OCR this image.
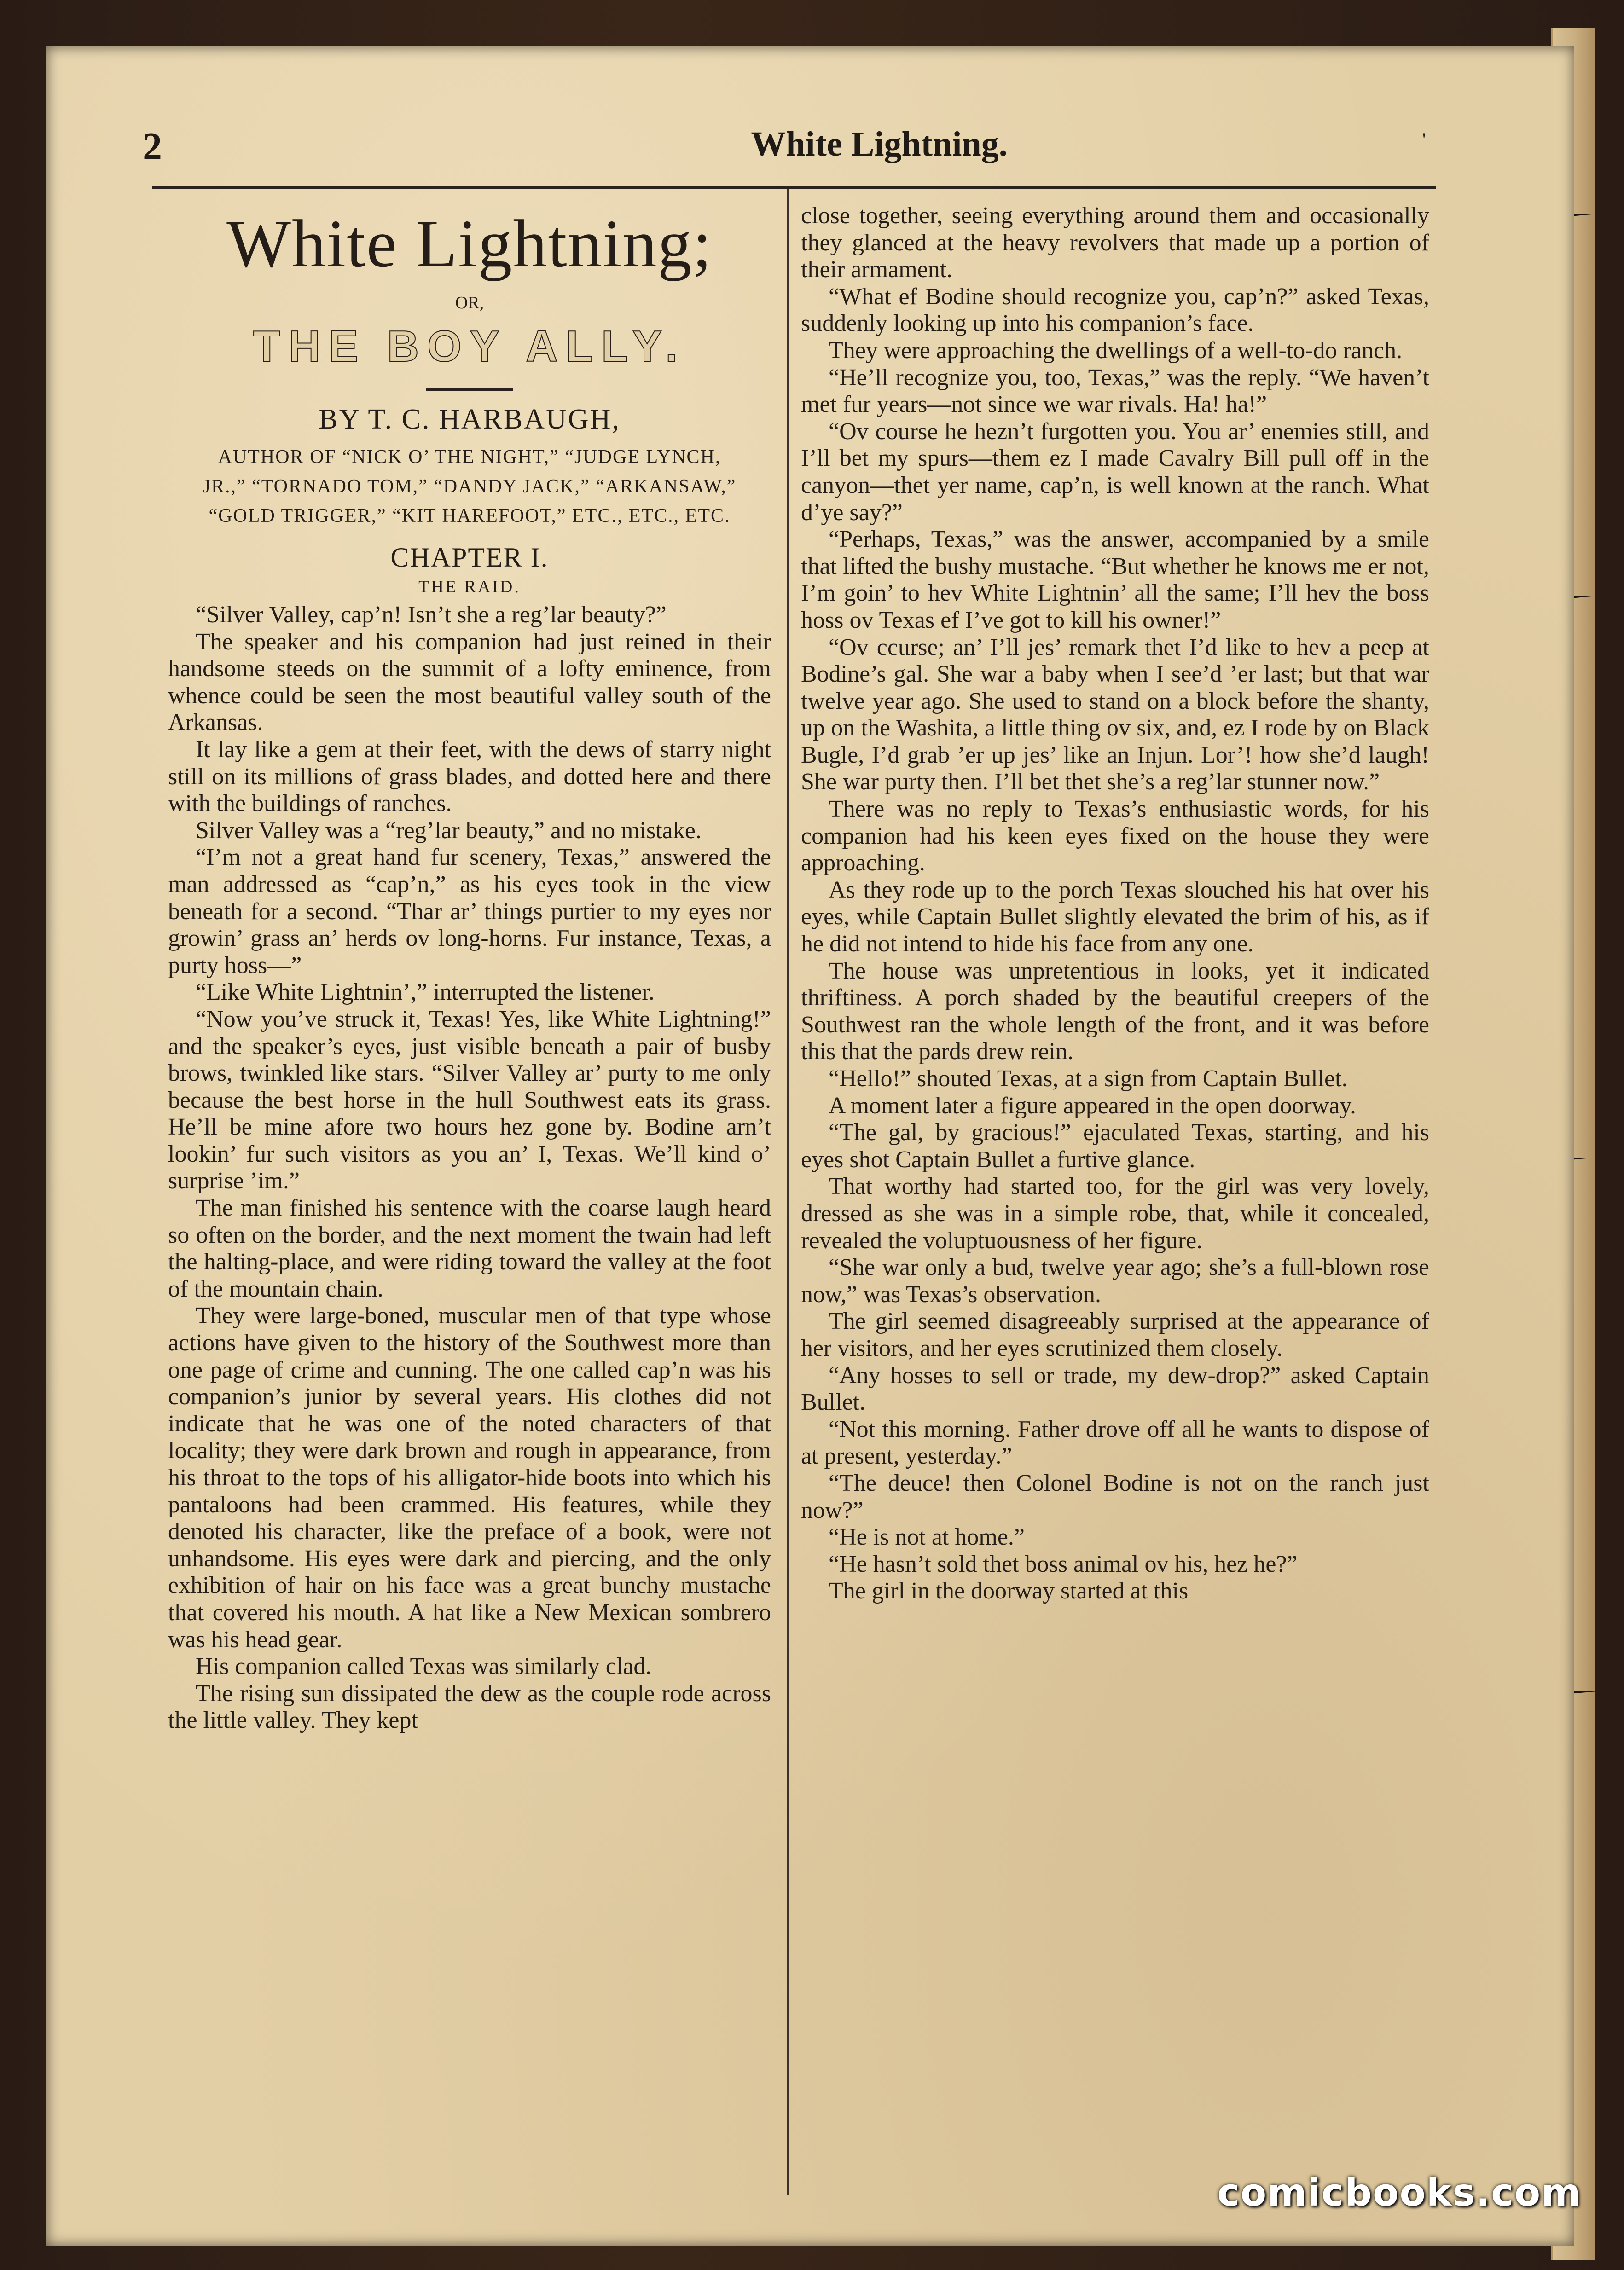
2	White Lightning.	'
White Lightning;
OR,
THE BOY ALLY.
BY T. C. HARBAUGH,
AUTHOR OF “NICK O’ THE NIGHT,” “JUDGE LYNCH, JR.,” “TORNADO TOM,” “DANDY JACK,” “ARKANSAW,” “GOLD TRIGGER,” “KIT HAREFOOT,” ETC., ETC., ETC.
CHAPTER I.
THE RAID.

“Silver Valley, cap’n! Isn’t she a reg’lar beauty?”

The speaker and his companion had just reined in their handsome steeds on the summit of a lofty eminence, from whence could be seen the most beautiful valley south of the Arkansas.

It lay like a gem at their feet, with the dews of starry night still on its millions of grass blades, and dotted here and there with the buildings of ranches.

Silver Valley was a “reg’lar beauty,” and no mistake.

“I’m not a great hand fur scenery, Texas,” answered the man addressed as “cap’n,” as his eyes took in the view beneath for a second. “Thar ar’ things purtier to my eyes nor growin’ grass an’ herds ov long-horns. Fur instance, Texas, a purty hoss—”

“Like White Lightnin’,” interrupted the listener.

“Now you’ve struck it, Texas! Yes, like White Lightning!” and the speaker’s eyes, just visible beneath a pair of busby brows, twinkled like stars. “Silver Valley ar’ purty to me only because the best horse in the hull Southwest eats its grass. He’ll be mine afore two hours hez gone by. Bodine arn’t lookin’ fur such visitors as you an’ I, Texas. We’ll kind o’ surprise ’im.”

The man finished his sentence with the coarse laugh heard so often on the border, and the next moment the twain had left the halting-place, and were riding toward the valley at the foot of the mountain chain.

They were large-boned, muscular men of that type whose actions have given to the history of the Southwest more than one page of crime and cunning. The one called cap’n was his companion’s junior by several years. His clothes did not indicate that he was one of the noted characters of that locality; they were dark brown and rough in appearance, from his throat to the tops of his alligator-hide boots into which his pantaloons had been crammed. His features, while they denoted his character, like the preface of a book, were not unhandsome. His eyes were dark and piercing, and the only exhibition of hair on his face was a great bunchy mustache that covered his mouth. A hat like a New Mexican sombrero was his head gear.

His companion called Texas was similarly clad.

The rising sun dissipated the dew as the couple rode across the little valley. They kept

close together, seeing everything around them and occasionally they glanced at the heavy revolvers that made up a portion of their armament.

“What ef Bodine should recognize you, cap’n?” asked Texas, suddenly looking up into his companion’s face.

They were approaching the dwellings of a well-to-do ranch.

“He’ll recognize you, too, Texas,” was the reply. “We haven’t met fur years—not since we war rivals. Ha! ha!”

“Ov course he hezn’t furgotten you. You ar’ enemies still, and I’ll bet my spurs—them ez I made Cavalry Bill pull off in the canyon—thet yer name, cap’n, is well known at the ranch. What d’ye say?”

“Perhaps, Texas,” was the answer, accompanied by a smile that lifted the bushy mustache. “But whether he knows me er not, I’m goin’ to hev White Lightnin’ all the same; I’ll hev the boss hoss ov Texas ef I’ve got to kill his owner!”

“Ov ccurse; an’ I’ll jes’ remark thet I’d like to hev a peep at Bodine’s gal. She war a baby when I see’d ’er last; but that war twelve year ago. She used to stand on a block before the shanty, up on the Washita, a little thing ov six, and, ez I rode by on Black Bugle, I’d grab ’er up jes’ like an Injun. Lor’! how she’d laugh! She war purty then. I’ll bet thet she’s a reg’lar stunner now.”

There was no reply to Texas’s enthusiastic words, for his companion had his keen eyes fixed on the house they were approaching.

As they rode up to the porch Texas slouched his hat over his eyes, while Captain Bullet slightly elevated the brim of his, as if he did not intend to hide his face from any one.

The house was unpretentious in looks, yet it indicated thriftiness. A porch shaded by the beautiful creepers of the Southwest ran the whole length of the front, and it was before this that the pards drew rein.

“Hello!” shouted Texas, at a sign from Captain Bullet.

A moment later a figure appeared in the open doorway.

“The gal, by gracious!” ejaculated Texas, starting, and his eyes shot Captain Bullet a furtive glance.

That worthy had started too, for the girl was very lovely, dressed as she was in a simple robe, that, while it concealed, revealed the voluptuousness of her figure.

“She war only a bud, twelve year ago; she’s a full-blown rose now,” was Texas’s observation.

The girl seemed disagreeably surprised at the appearance of her visitors, and her eyes scrutinized them closely.

“Any hosses to sell or trade, my dew-drop?” asked Captain Bullet.

“Not this morning. Father drove off all he wants to dispose of at present, yesterday.”

“The deuce! then Colonel Bodine is not on the ranch just now?”

“He is not at home.”

“He hasn’t sold thet boss animal ov his, hez he?”

The girl in the doorway started at this

comicbooks.com
